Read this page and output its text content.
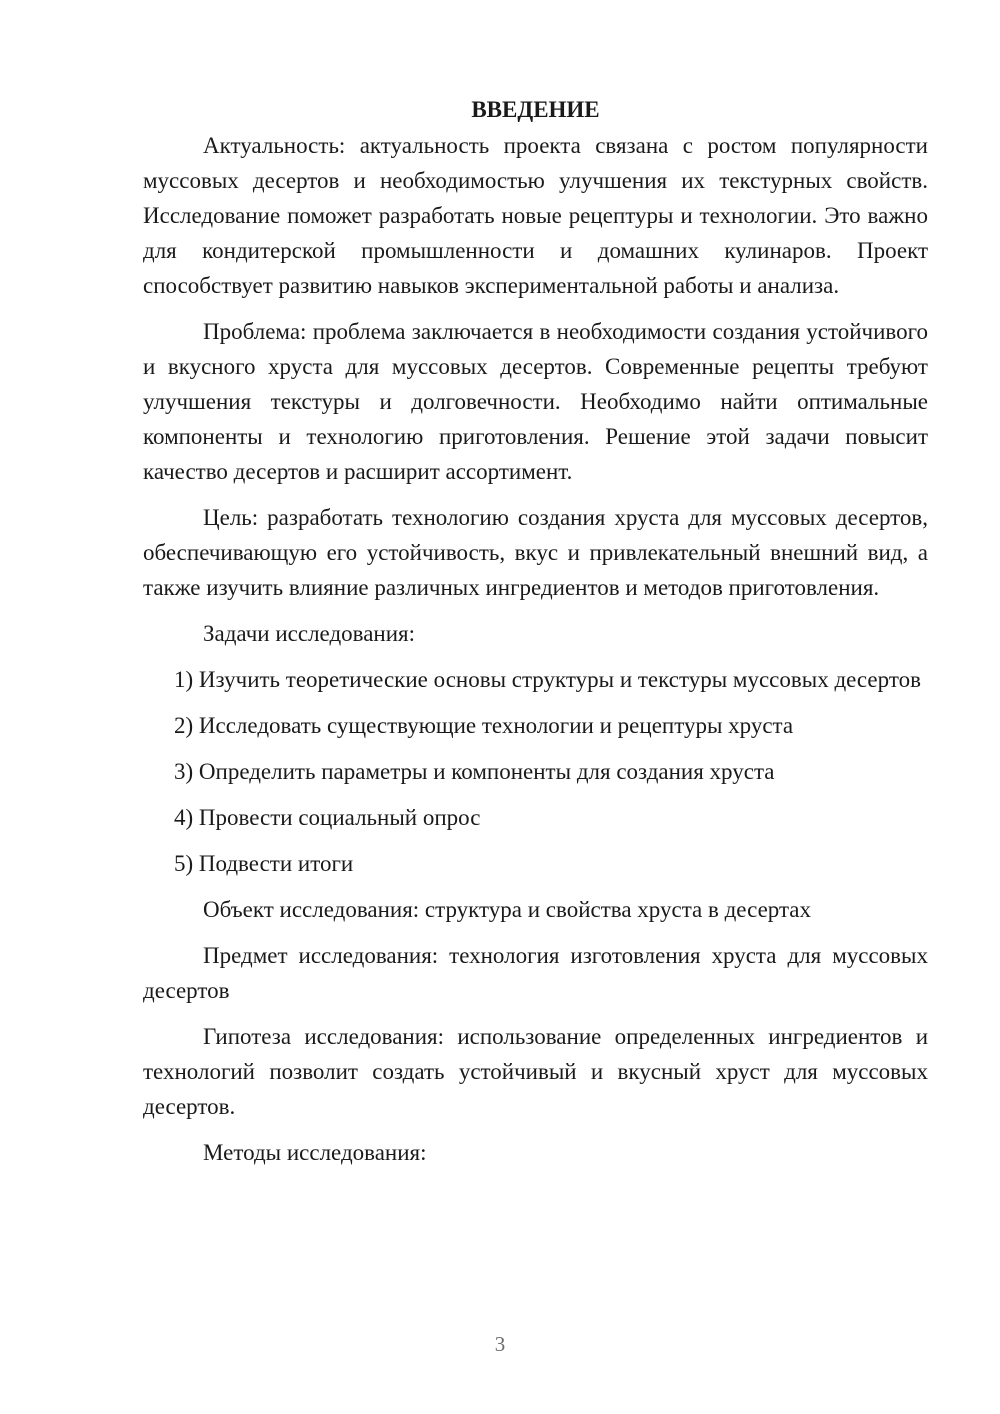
ВВЕДЕНИЕ

Актуальность: актуальность проекта связана с ростом популярности муссовых десертов и необходимостью улучшения их текстурных свойств. Исследование поможет разработать новые рецептуры и технологии. Это важно для кондитерской промышленности и домашних кулинаров. Проект способствует развитию навыков экспериментальной работы и анализа.

Проблема: проблема заключается в необходимости создания устойчивого и вкусного хруста для муссовых десертов. Современные рецепты требуют улучшения текстуры и долговечности. Необходимо найти оптимальные компоненты и технологию приготовления. Решение этой задачи повысит качество десертов и расширит ассортимент.

Цель: разработать технологию создания хруста для муссовых десертов, обеспечивающую его устойчивость, вкус и привлекательный внешний вид, а также изучить влияние различных ингредиентов и методов приготовления.

Задачи исследования:

1) Изучить теоретические основы структуры и текстуры муссовых десертов

2) Исследовать существующие технологии и рецептуры хруста

3) Определить параметры и компоненты для создания хруста

4) Провести социальный опрос

5) Подвести итоги

Объект исследования: структура и свойства хруста в десертах

Предмет исследования: технология изготовления хруста для муссовых десертов

Гипотеза исследования: использование определенных ингредиентов и технологий позволит создать устойчивый и вкусный хруст для муссовых десертов.

Методы исследования:

3
